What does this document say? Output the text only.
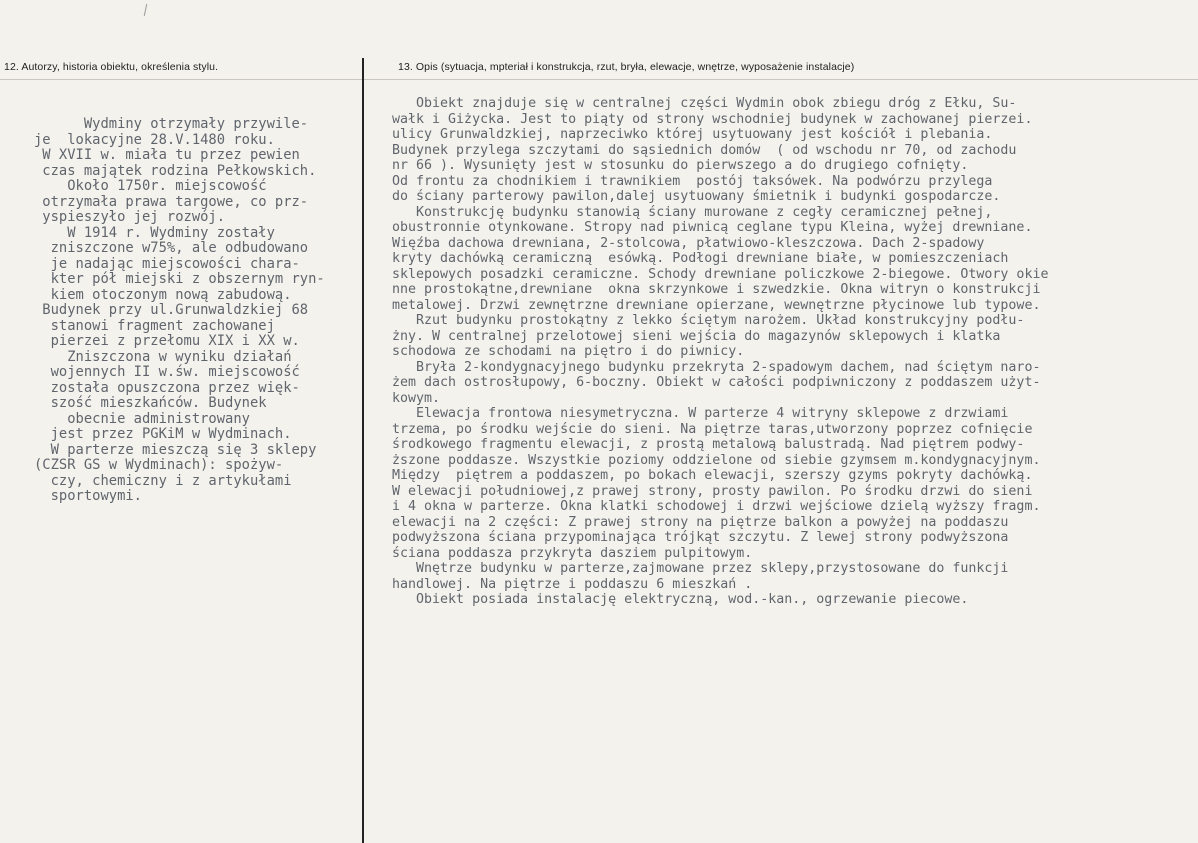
12. Autorzy, historia obiektu, określenia stylu.	13. Opis (sytuacja, mpteriał i konstrukcja, rzut, bryła, elewacje, wnętrze, wyposażenie instalacje)
Wydminy otrzymały przywile-
je  lokacyjne 28.V.1480 roku.
W XVII w. miała tu przez pewien
czas majątek rodzina Pełkowskich.
Około 1750r. miejscowość
otrzymała prawa targowe, co prz-
yspieszyło jej rozwój.
W 1914 r. Wydminy zostały
zniszczone w75%, ale odbudowano
je nadając miejscowości chara-
kter pół miejski z obszernym ryn-
kiem otoczonym nową zabudową.
Budynek przy ul.Grunwaldzkiej 68
stanowi fragment zachowanej
pierzei z przełomu XIX i XX w.
Zniszczona w wyniku działań
wojennych II w.św. miejscowość
została opuszczona przez więk-
szość mieszkańców. Budynek
obecnie administrowany
jest przez PGKiM w Wydminach.
W parterze mieszczą się 3 sklepy
(CZSR GS w Wydminach): spożyw-
czy, chemiczny i z artykułami
sportowymi.
Obiekt znajduje się w centralnej części Wydmin obok zbiegu dróg z Ełku, Su-
wałk i Giżycka. Jest to piąty od strony wschodniej budynek w zachowanej pierzei.
ulicy Grunwaldzkiej, naprzeciwko której usytuowany jest kościół i plebania.
Budynek przylega szczytami do sąsiednich domów  ( od wschodu nr 70, od zachodu
nr 66 ). Wysunięty jest w stosunku do pierwszego a do drugiego cofnięty.
Od frontu za chodnikiem i trawnikiem  postój taksówek. Na podwórzu przylega
do ściany parterowy pawilon,dalej usytuowany śmietnik i budynki gospodarcze.
Konstrukcję budynku stanowią ściany murowane z cegły ceramicznej pełnej,
obustronnie otynkowane. Stropy nad piwnicą ceglane typu Kleina, wyżej drewniane.
Więźba dachowa drewniana, 2-stolcowa, płatwiowo-kleszczowa. Dach 2-spadowy
kryty dachówką ceramiczną  esówką. Podłogi drewniane białe, w pomieszczeniach
sklepowych posadzki ceramiczne. Schody drewniane policzkowe 2-biegowe. Otwory okie
nne prostokątne,drewniane  okna skrzynkowe i szwedzkie. Okna witryn o konstrukcji
metalowej. Drzwi zewnętrzne drewniane opierzane, wewnętrzne płycinowe lub typowe.
Rzut budynku prostokątny z lekko ściętym narożem. Układ konstrukcyjny podłu-
żny. W centralnej przelotowej sieni wejścia do magazynów sklepowych i klatka
schodowa ze schodami na piętro i do piwnicy.
Bryła 2-kondygnacyjnego budynku przekryta 2-spadowym dachem, nad ściętym naro-
żem dach ostrosłupowy, 6-boczny. Obiekt w całości podpiwniczony z poddaszem użyt-
kowym.
Elewacja frontowa niesymetryczna. W parterze 4 witryny sklepowe z drzwiami
trzema, po środku wejście do sieni. Na piętrze taras,utworzony poprzez cofnięcie
środkowego fragmentu elewacji, z prostą metalową balustradą. Nad piętrem podwy-
ższone poddasze. Wszystkie poziomy oddzielone od siebie gzymsem m.kondygnacyjnym.
Między  piętrem a poddaszem, po bokach elewacji, szerszy gzyms pokryty dachówką.
W elewacji południowej,z prawej strony, prosty pawilon. Po środku drzwi do sieni
i 4 okna w parterze. Okna klatki schodowej i drzwi wejściowe dzielą wyższy fragm.
elewacji na 2 części: Z prawej strony na piętrze balkon a powyżej na poddaszu
podwyższona ściana przypominająca trójkąt szczytu. Z lewej strony podwyższona
ściana poddasza przykryta dasziem pulpitowym.
Wnętrze budynku w parterze,zajmowane przez sklepy,przystosowane do funkcji
handlowej. Na piętrze i poddaszu 6 mieszkań .
Obiekt posiada instalację elektryczną, wod.-kan., ogrzewanie piecowe.
